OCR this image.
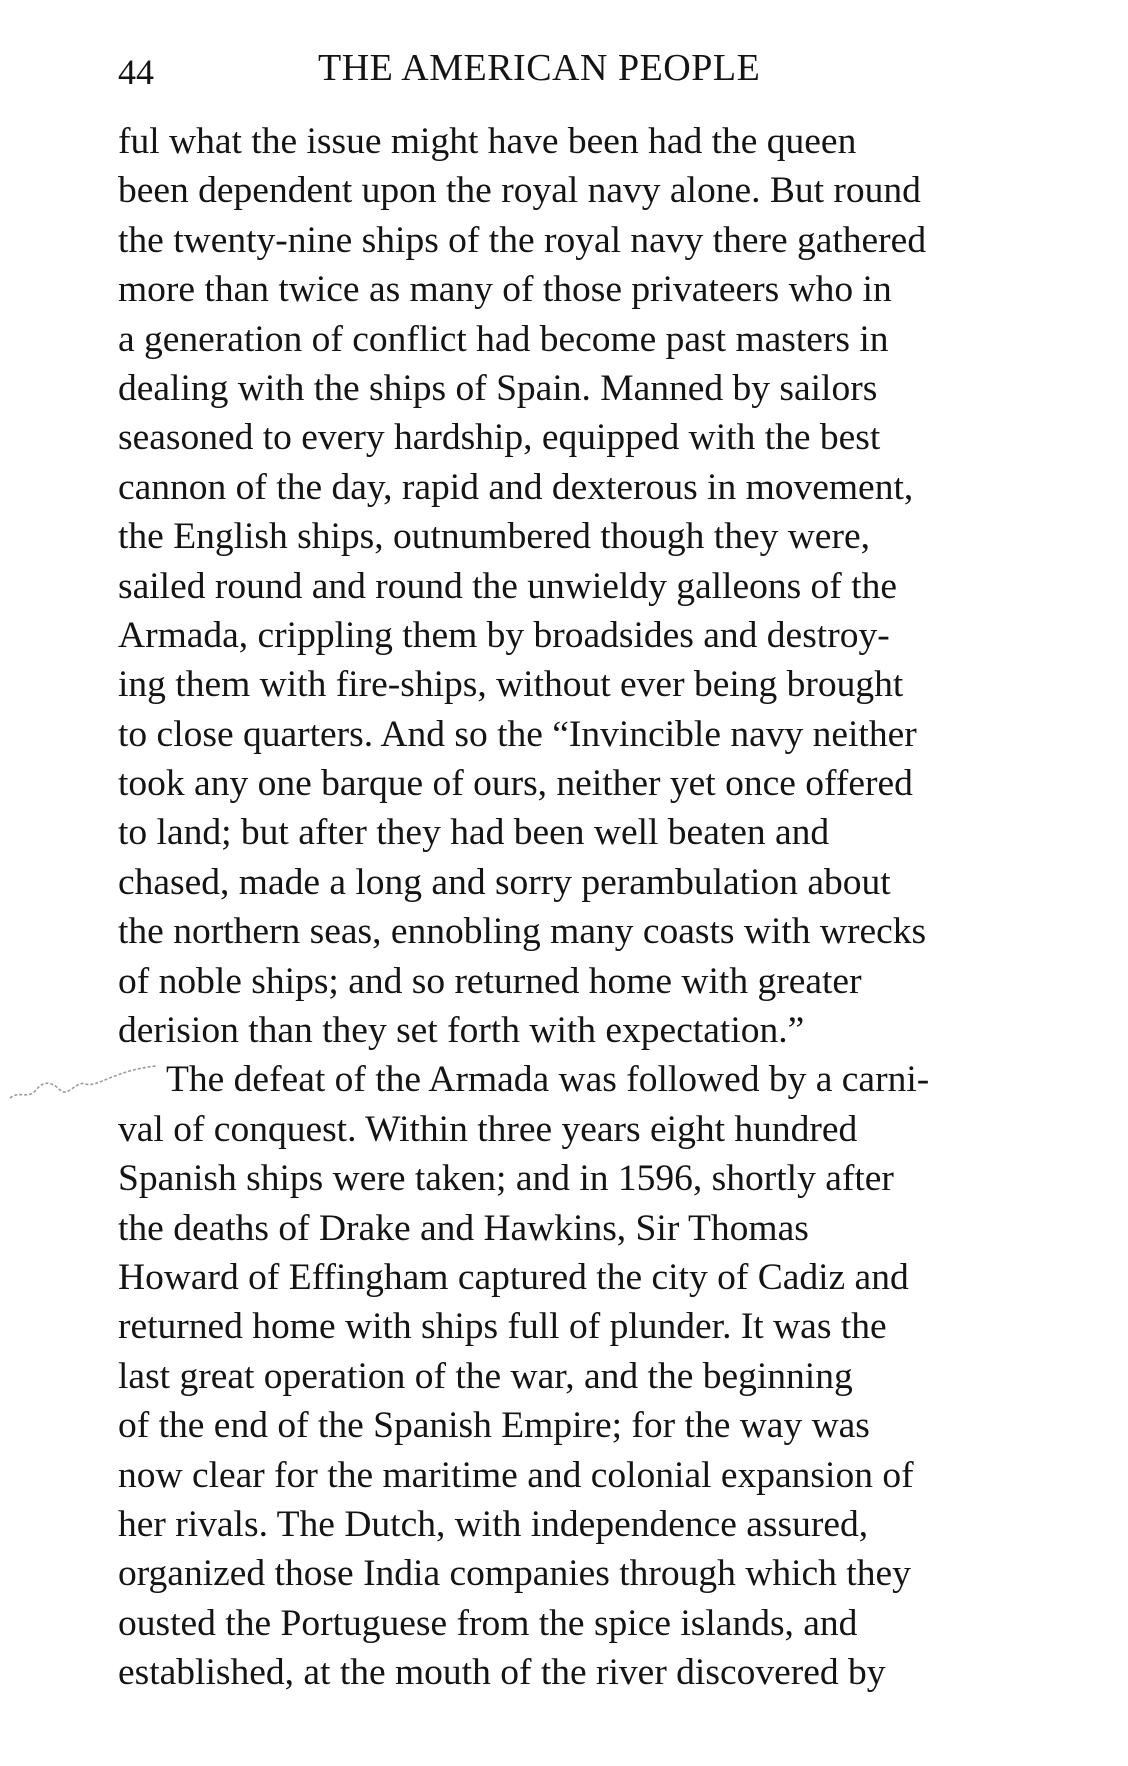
44	THE AMERICAN PEOPLE
ful what the issue might have been had the queen
been dependent upon the royal navy alone. But round
the twenty-nine ships of the royal navy there gathered
more than twice as many of those privateers who in
a generation of conflict had become past masters in
dealing with the ships of Spain. Manned by sailors
seasoned to every hardship, equipped with the best
cannon of the day, rapid and dexterous in movement,
the English ships, outnumbered though they were,
sailed round and round the unwieldy galleons of the
Armada, crippling them by broadsides and destroy-
ing them with fire-ships, without ever being brought
to close quarters. And so the “Invincible navy neither
took any one barque of ours, neither yet once offered
to land; but after they had been well beaten and
chased, made a long and sorry perambulation about
the northern seas, ennobling many coasts with wrecks
of noble ships; and so returned home with greater
derision than they set forth with expectation.”
The defeat of the Armada was followed by a carni-
val of conquest. Within three years eight hundred
Spanish ships were taken; and in 1596, shortly after
the deaths of Drake and Hawkins, Sir Thomas
Howard of Effingham captured the city of Cadiz and
returned home with ships full of plunder. It was the
last great operation of the war, and the beginning
of the end of the Spanish Empire; for the way was
now clear for the maritime and colonial expansion of
her rivals. The Dutch, with independence assured,
organized those India companies through which they
ousted the Portuguese from the spice islands, and
established, at the mouth of the river discovered by
